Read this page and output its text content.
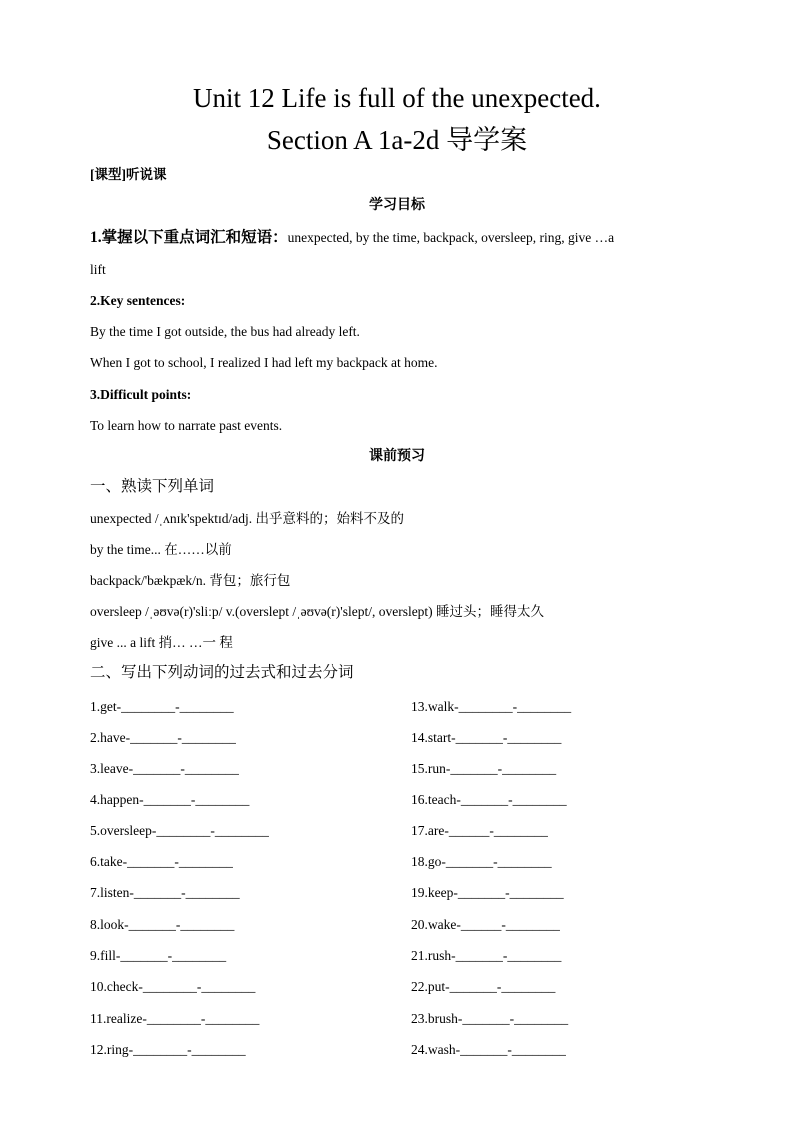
Unit 12 Life is full of the unexpected.
Section A 1a-2d 导学案
[课型]听说课
学习目标
1.掌握以下重点词汇和短语：unexpected, by the time, backpack, oversleep, ring, give …a
lift
2.Key sentences:
By the time I got outside, the bus had already left.
When I got to school, I realized I had left my backpack at home.
3.Difficult points:
To learn how to narrate past events.
课前预习
一、熟读下列单词
unexpected /ˌʌnɪk'spektɪd/adj. 出乎意料的；始料不及的
by the time... 在……以前
backpack/'bækpæk/n. 背包；旅行包
oversleep /ˌəʊvə(r)'sliːp/ v.(overslept /ˌəʊvə(r)'slept/, overslept) 睡过头；睡得太久
give ... a lift 捎… …一 程
二、写出下列动词的过去式和过去分词
1.get-________-________
2.have-_______-________
3.leave-_______-________
4.happen-_______-________
5.oversleep-________-________
6.take-_______-________
7.listen-_______-________
8.look-_______-________
9.fill-_______-________
10.check-________-________
11.realize-________-________
12.ring-________-________
13.walk-________-________
14.start-_______-________
15.run-_______-________
16.teach-_______-________
17.are-______-________
18.go-_______-________
19.keep-_______-________
20.wake-______-________
21.rush-_______-________
22.put-_______-________
23.brush-_______-________
24.wash-_______-________
